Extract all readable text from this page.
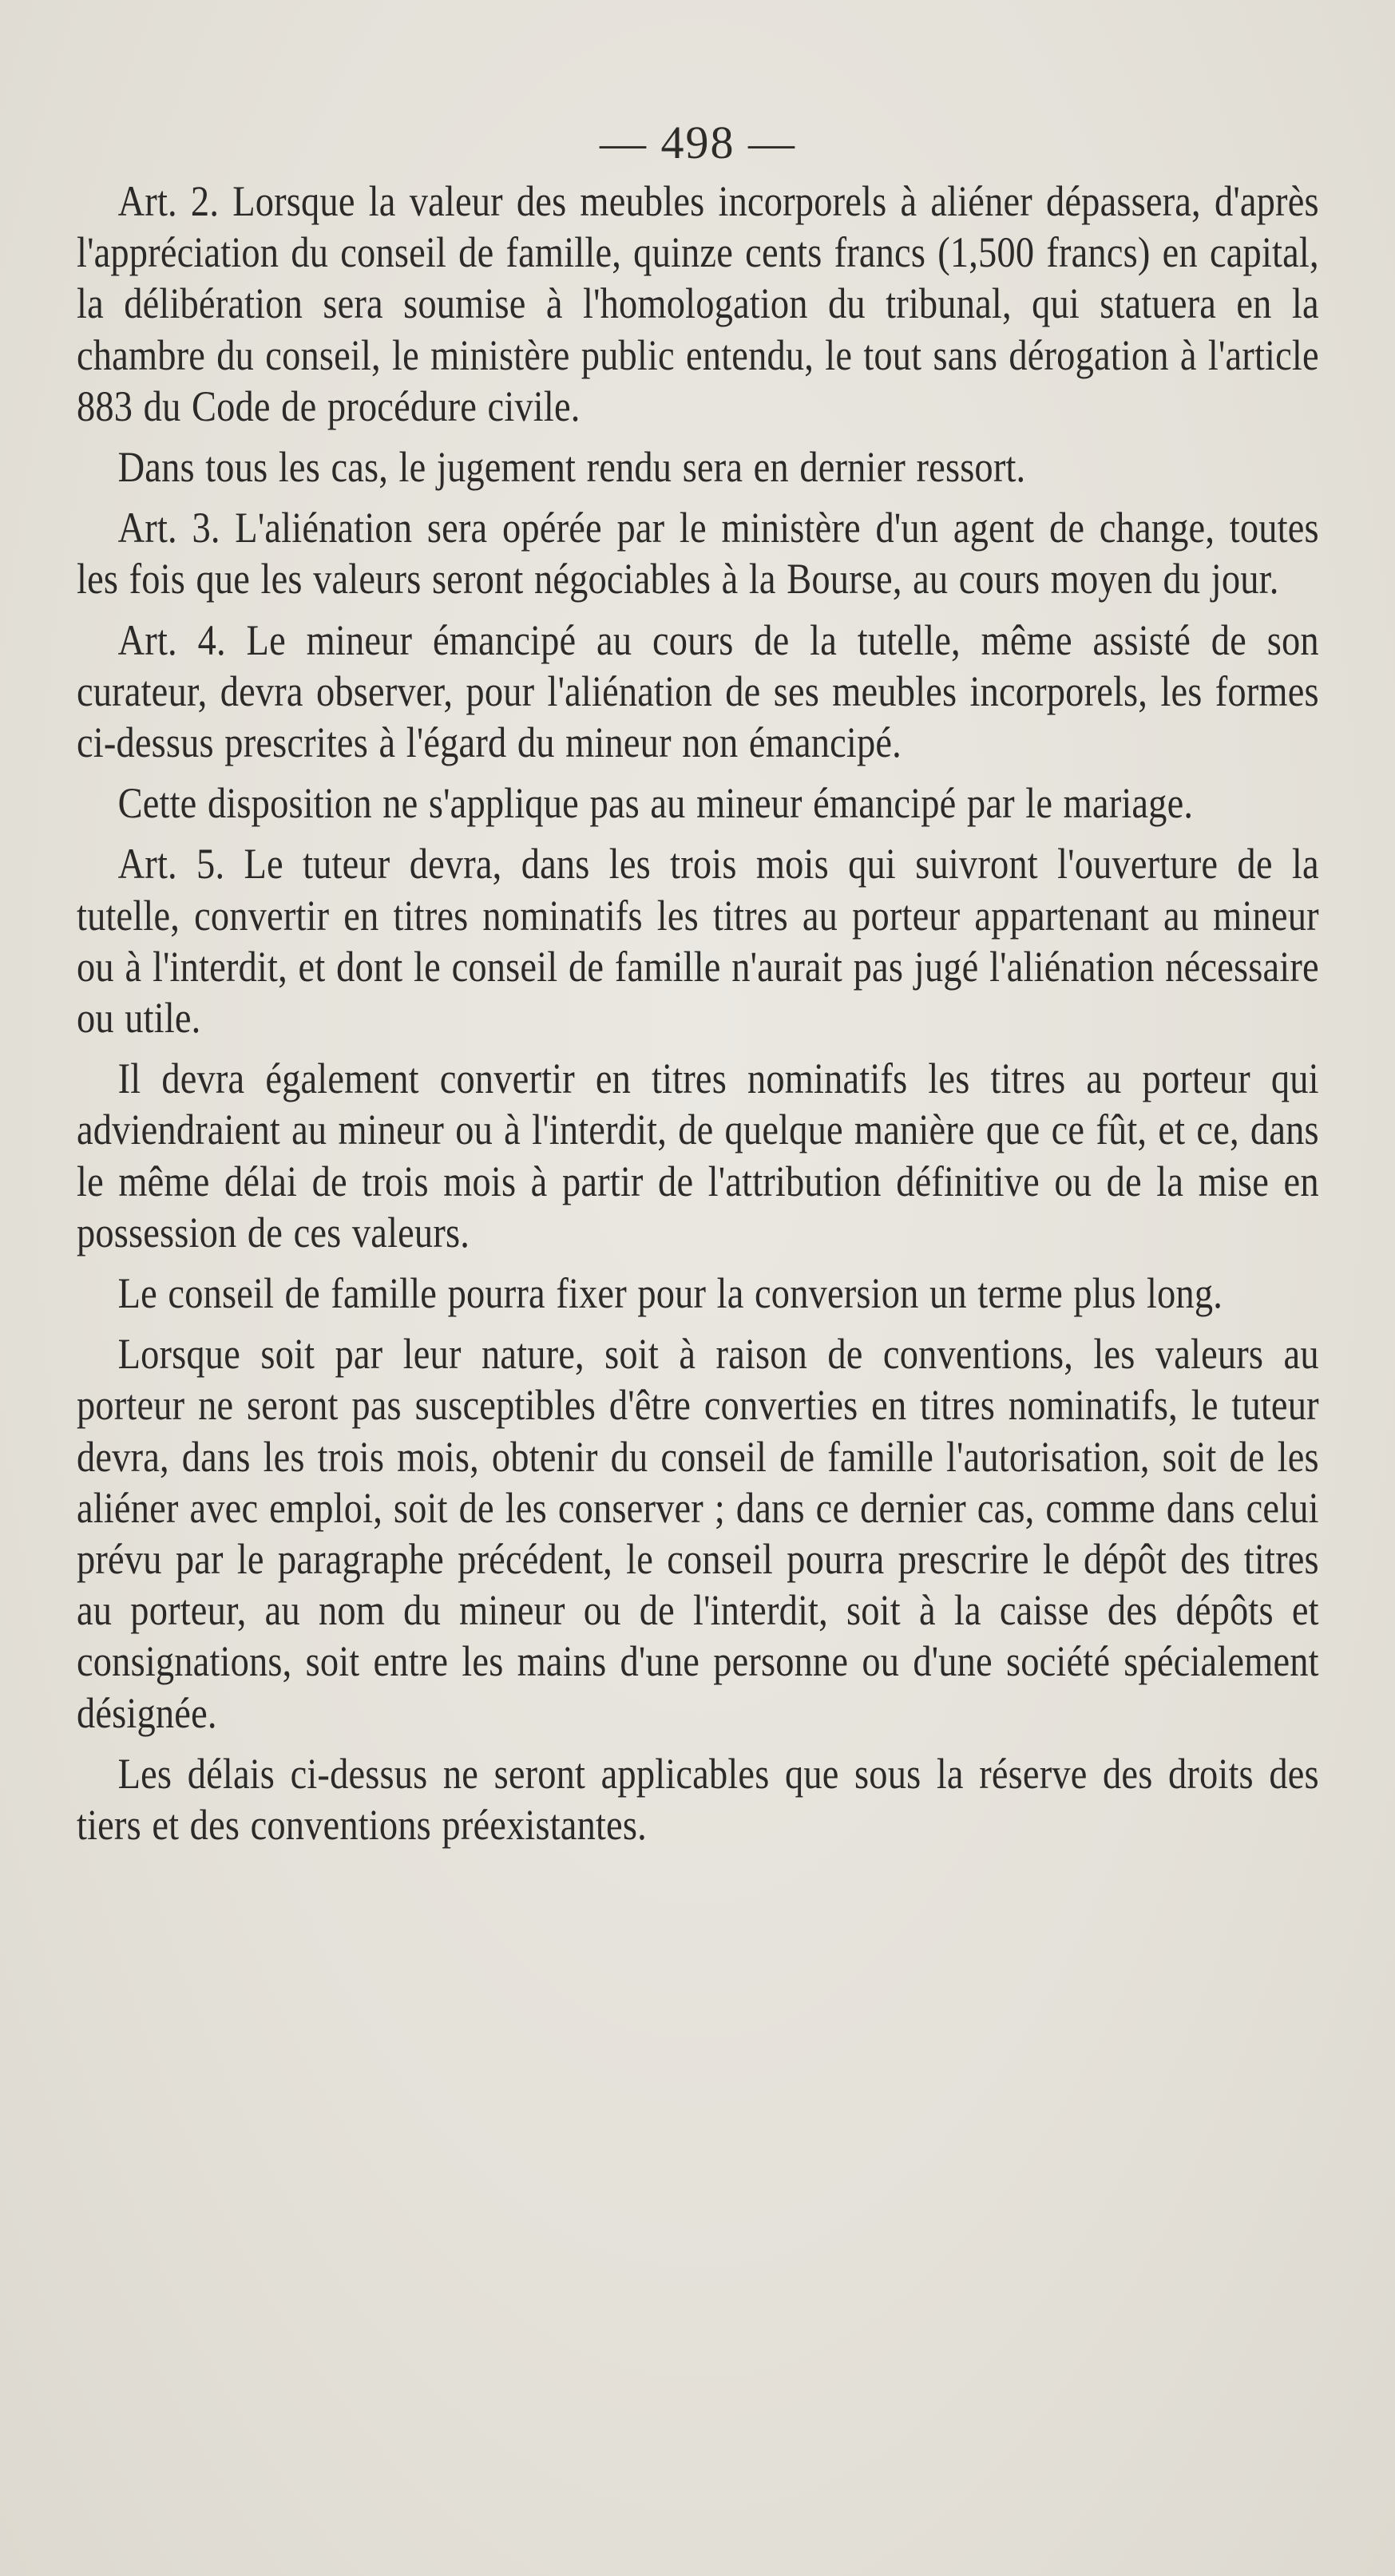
— 498 —

Art. 2. Lorsque la valeur des meubles incorporels à aliéner dépassera, d'après l'appréciation du conseil de famille, quinze cents francs (1,500 francs) en capital, la délibération sera soumise à l'homologation du tribunal, qui statuera en la chambre du conseil, le ministère public entendu, le tout sans dérogation à l'article 883 du Code de procédure civile.

Dans tous les cas, le jugement rendu sera en dernier ressort.

Art. 3. L'aliénation sera opérée par le ministère d'un agent de change, toutes les fois que les valeurs seront négociables à la Bourse, au cours moyen du jour.

Art. 4. Le mineur émancipé au cours de la tutelle, même assisté de son curateur, devra observer, pour l'aliénation de ses meubles incorporels, les formes ci-dessus prescrites à l'égard du mineur non émancipé.

Cette disposition ne s'applique pas au mineur émancipé par le mariage.

Art. 5. Le tuteur devra, dans les trois mois qui suivront l'ouverture de la tutelle, convertir en titres nominatifs les titres au porteur appartenant au mineur ou à l'interdit, et dont le conseil de famille n'aurait pas jugé l'aliénation nécessaire ou utile.

Il devra également convertir en titres nominatifs les titres au porteur qui adviendraient au mineur ou à l'interdit, de quelque manière que ce fût, et ce, dans le même délai de trois mois à partir de l'attribution définitive ou de la mise en possession de ces valeurs.

Le conseil de famille pourra fixer pour la conversion un terme plus long.

Lorsque soit par leur nature, soit à raison de conventions, les valeurs au porteur ne seront pas susceptibles d'être converties en titres nominatifs, le tuteur devra, dans les trois mois, obtenir du conseil de famille l'autorisation, soit de les aliéner avec emploi, soit de les conserver ; dans ce dernier cas, comme dans celui prévu par le paragraphe précédent, le conseil pourra prescrire le dépôt des titres au porteur, au nom du mineur ou de l'interdit, soit à la caisse des dépôts et consignations, soit entre les mains d'une personne ou d'une société spécialement désignée.

Les délais ci-dessus ne seront applicables que sous la réserve des droits des tiers et des conventions préexistantes.
